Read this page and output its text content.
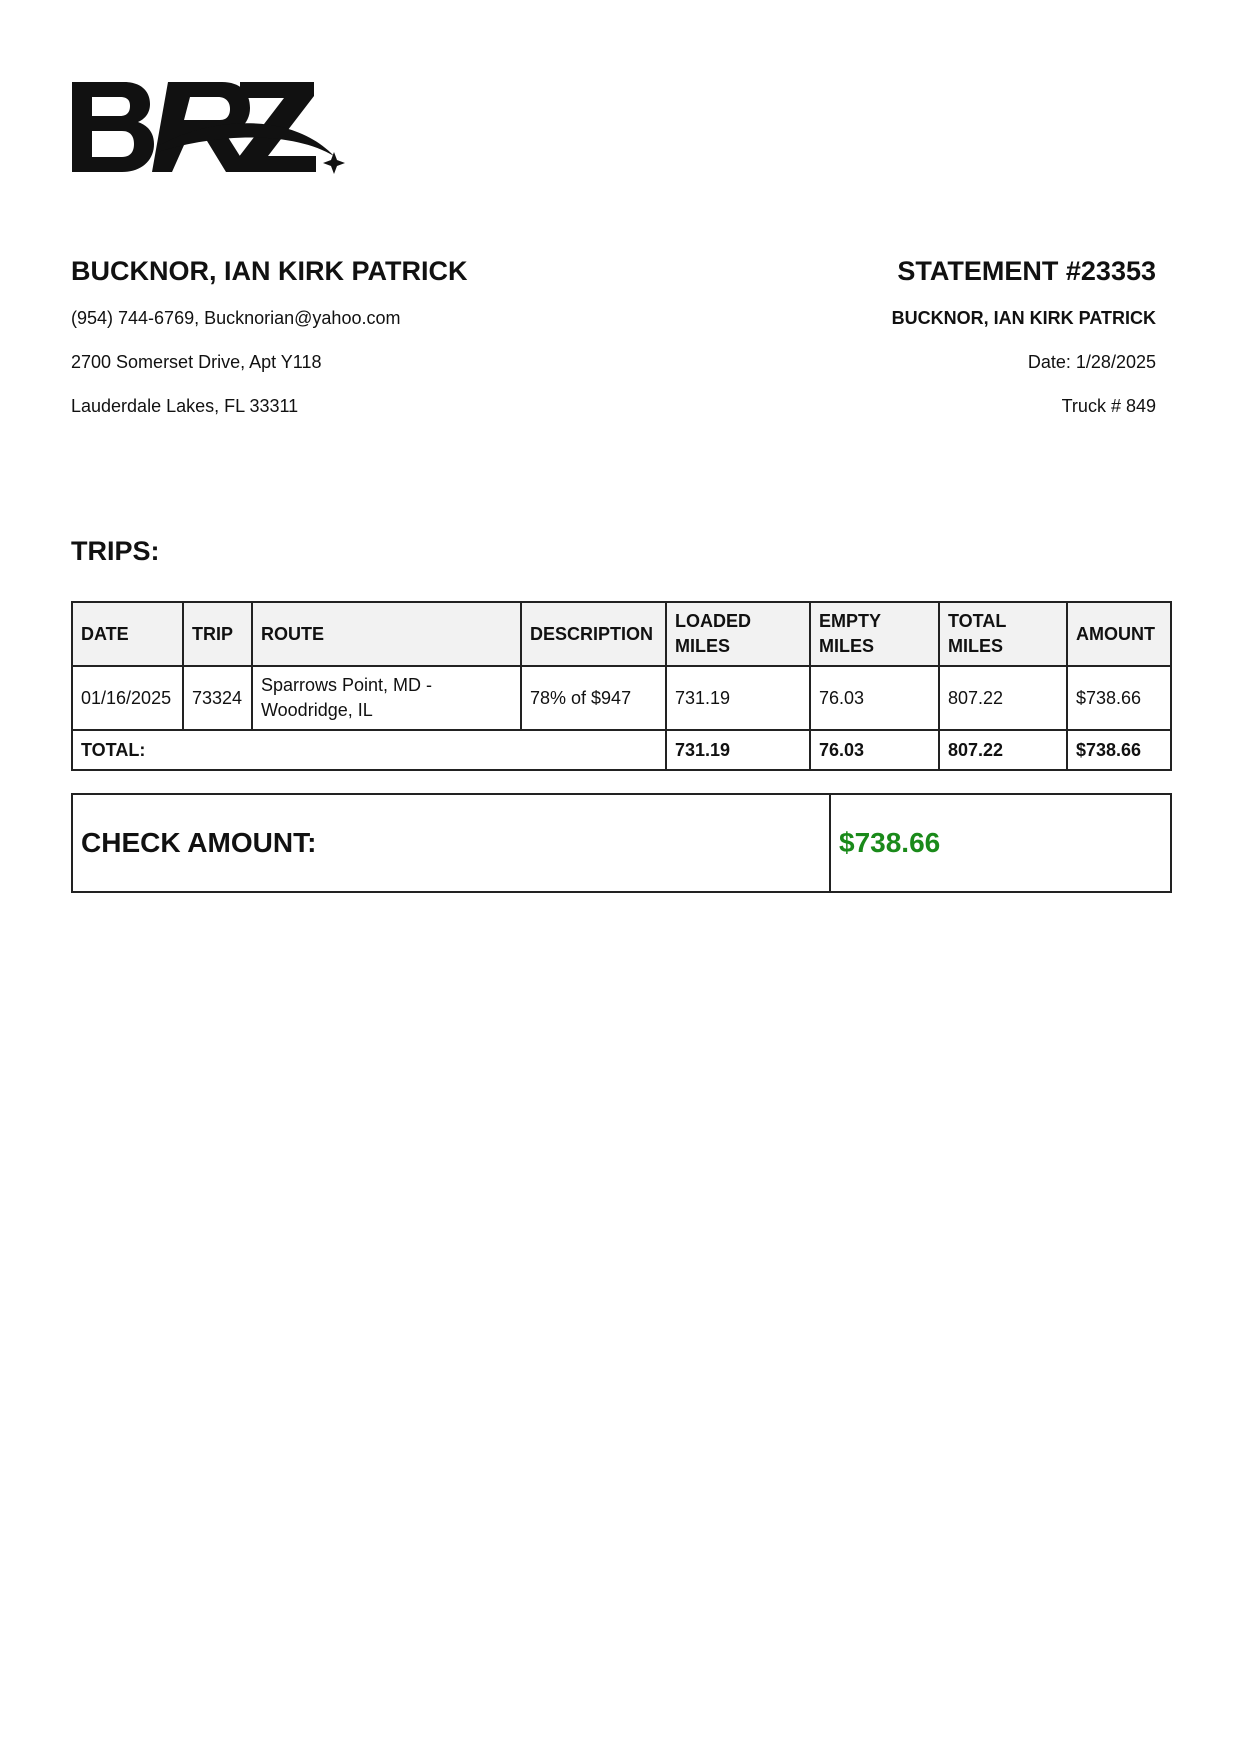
BUCKNOR, IAN KIRK PATRICK
(954) 744-6769, Bucknorian@yahoo.com
2700 Somerset Drive, Apt Y118
Lauderdale Lakes, FL 33311
STATEMENT #23353
BUCKNOR, IAN KIRK PATRICK
Date: 1/28/2025
Truck # 849
TRIPS:
DATE	TRIP	ROUTE	DESCRIPTION	LOADED MILES	EMPTY MILES	TOTAL MILES	AMOUNT
01/16/2025	73324	Sparrows Point, MD - Woodridge, IL	78% of $947	731.19	76.03	807.22	$738.66
TOTAL:				731.19	76.03	807.22	$738.66
CHECK AMOUNT:	$738.66
